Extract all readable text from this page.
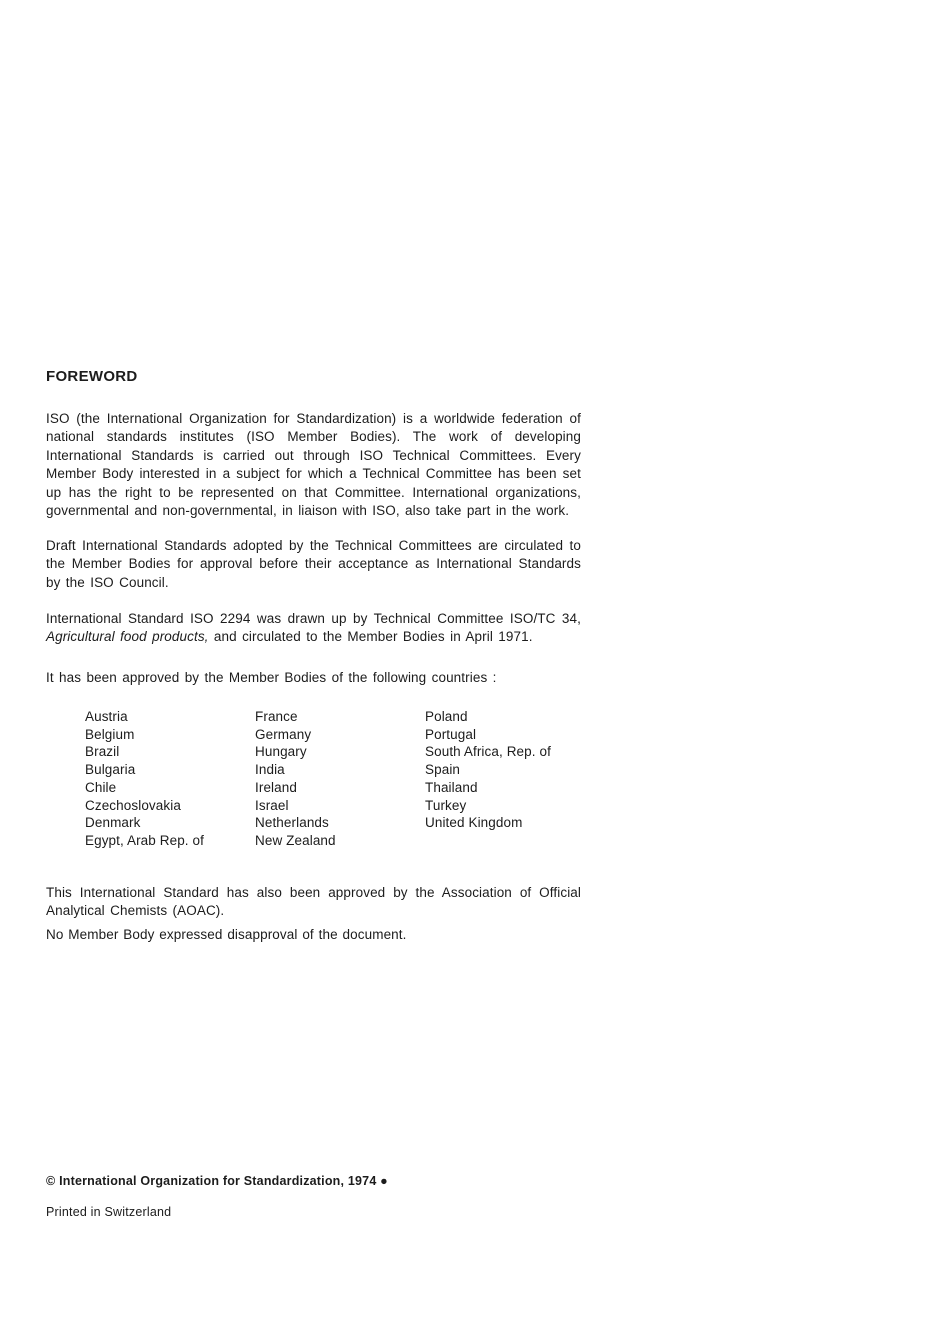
FOREWORD

ISO (the International Organization for Standardization) is a worldwide federation of national standards institutes (ISO Member Bodies). The work of developing International Standards is carried out through ISO Technical Committees. Every Member Body interested in a subject for which a Technical Committee has been set up has the right to be represented on that Committee. International organizations, governmental and non-governmental, in liaison with ISO, also take part in the work.

Draft International Standards adopted by the Technical Committees are circulated to the Member Bodies for approval before their acceptance as International Standards by the ISO Council.

International Standard ISO 2294 was drawn up by Technical Committee ISO/TC 34, Agricultural food products, and circulated to the Member Bodies in April 1971.

It has been approved by the Member Bodies of the following countries :
Austria
Belgium
Brazil
Bulgaria
Chile
Czechoslovakia
Denmark
Egypt, Arab Rep. of
France
Germany
Hungary
India
Ireland
Israel
Netherlands
New Zealand
Poland
Portugal
South Africa, Rep. of
Spain
Thailand
Turkey
United Kingdom

This International Standard has also been approved by the Association of Official Analytical Chemists (AOAC).

No Member Body expressed disapproval of the document.
© International Organization for Standardization, 1974 ●
Printed in Switzerland
